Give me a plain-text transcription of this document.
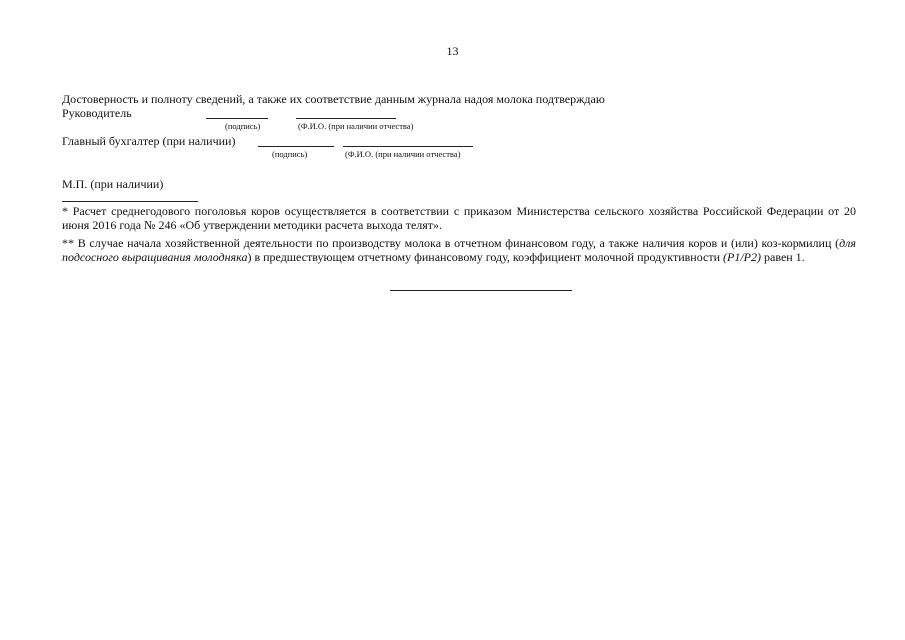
13
Достоверность и полноту сведений, а также их соответствие данным журнала надоя молока подтверждаю
Руководитель
(подпись)	(Ф.И.О. (при наличии отчества)
Главный бухгалтер (при наличии)
(подпись)	(Ф.И.О. (при наличии отчества)
М.П. (при наличии)
* Расчет среднегодового поголовья коров осуществляется в соответствии с приказом Министерства сельского хозяйства Российской Федерации от 20 июня 2016 года № 246 «Об утверждении методики расчета выхода телят».
** В случае начала хозяйственной деятельности по производству молока в отчетном финансовом году, а также наличия коров и (или) коз-кормилиц (для подсосного выращивания молодняка) в предшествующем отчетному финансовому году, коэффициент молочной продуктивности (P1/P2) равен 1.
